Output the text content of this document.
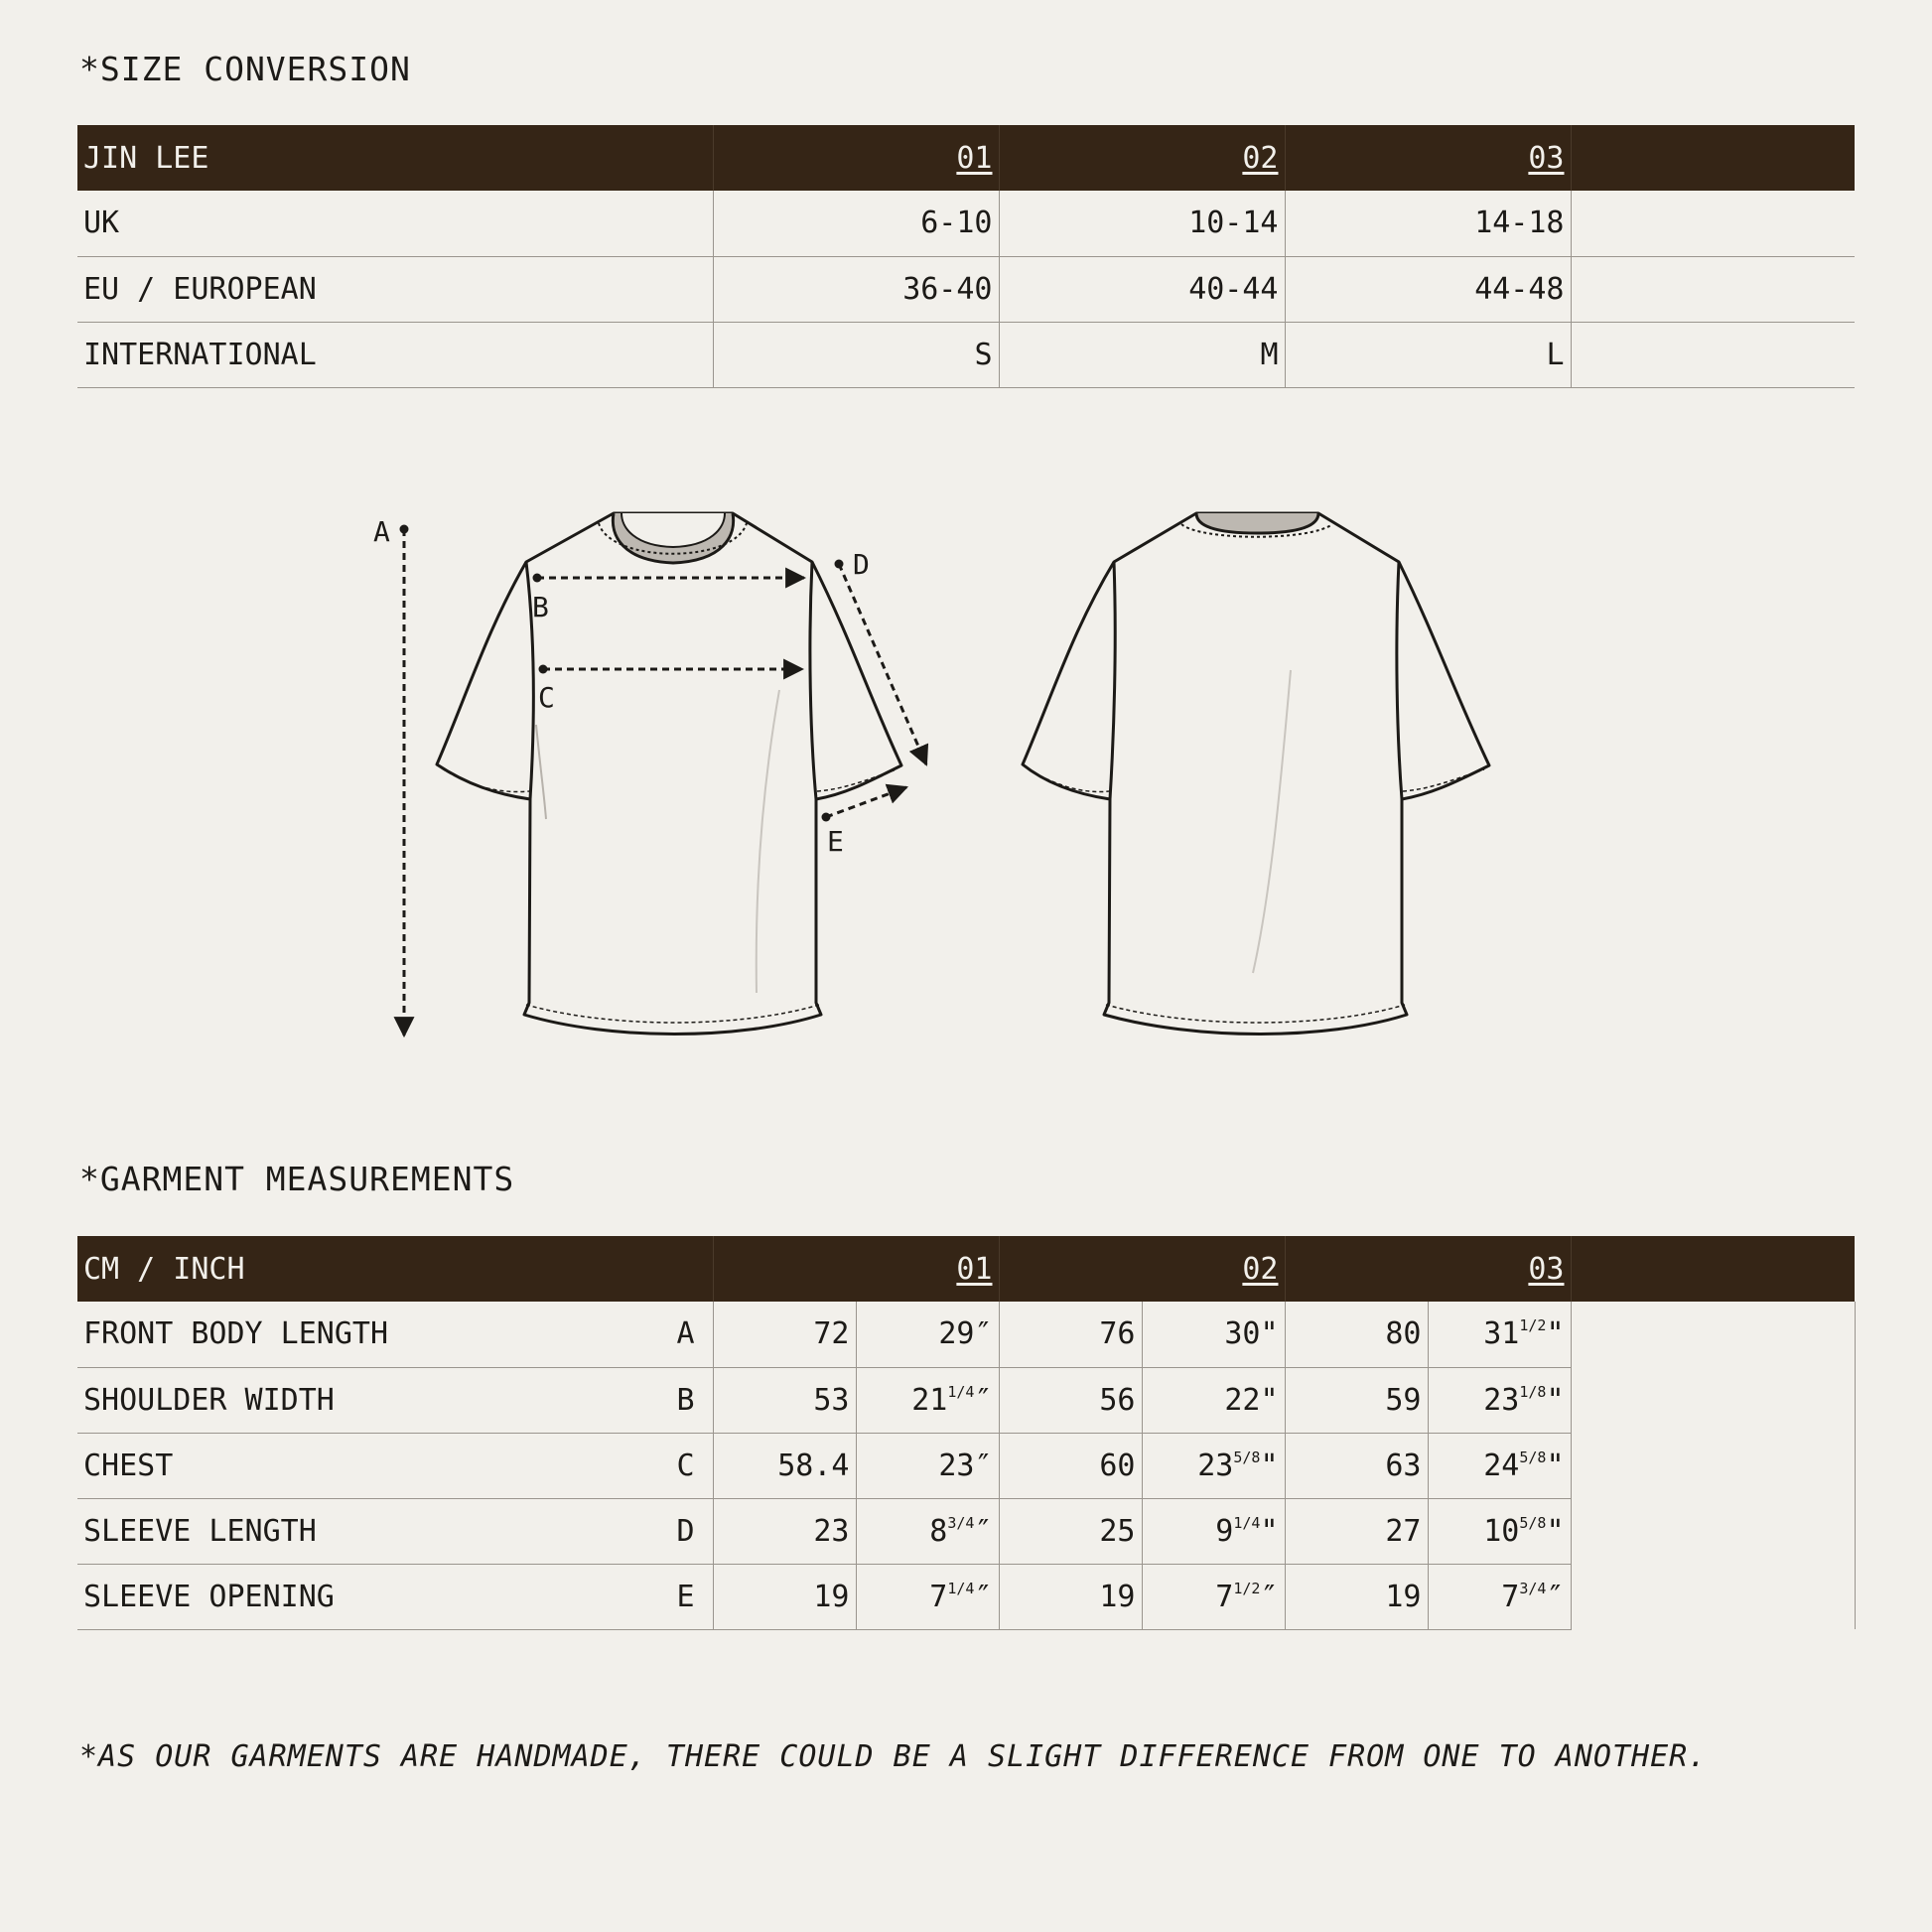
*SIZE CONVERSION
JIN LEE	01	02	03	
UK	6-10	10-14	14-18	
EU / EUROPEAN	36-40	40-44	44-48	
INTERNATIONAL	S	M	L	
A
B
C
D
E
*GARMENT MEASUREMENTS
CM / INCH		01		02		03		
FRONT BODY LENGTH	A	72	29″	76	30"	80	$31^{1/2}$"	
SHOULDER WIDTH	B	53	$21^{1/4}''$	56	22"	59	$23^{1/8}$"	
CHEST	C	58.4	23″	60	$23^{5/8}$"	63	$24^{5/8}$"	
SLEEVE LENGTH	D	23	$8^{3/4}''$	25	$9^{1/4}$"	27	$10^{5/8}$"	
SLEEVE OPENING	E	19	$7^{1/4}''$	19	$7^{1/2}''$	19	$7^{3/4}''$	

*AS OUR GARMENTS ARE HANDMADE, THERE COULD BE A SLIGHT DIFFERENCE FROM ONE TO ANOTHER.
